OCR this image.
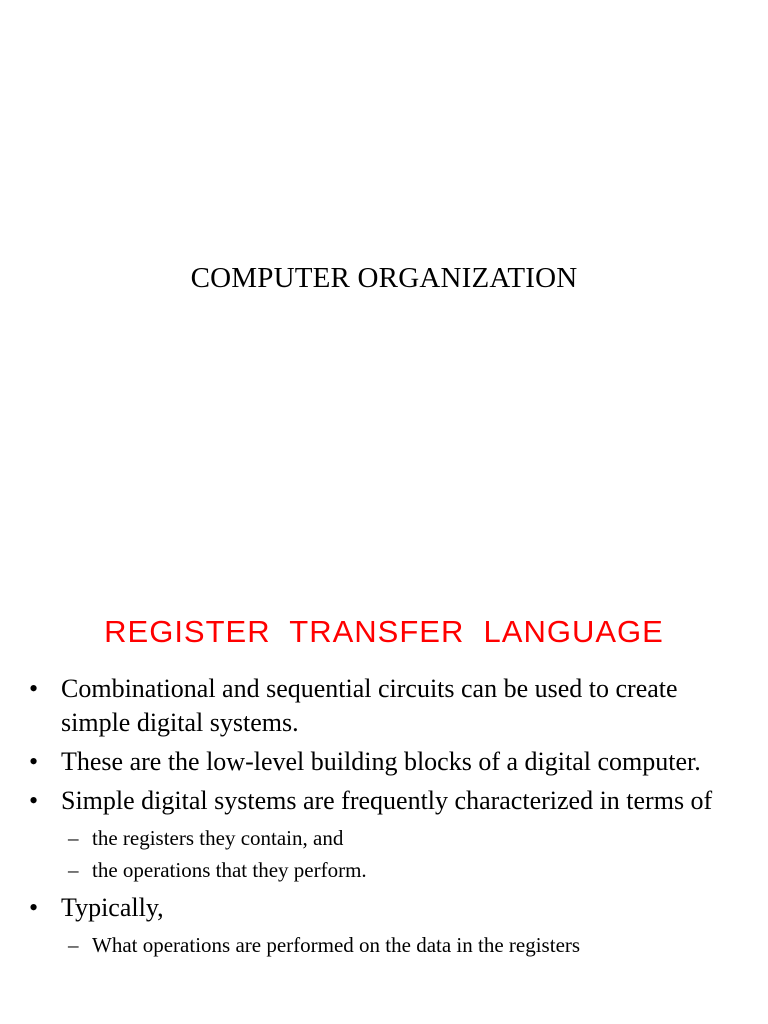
COMPUTER ORGANIZATION
REGISTER  TRANSFER  LANGUAGE
• Combinational and sequential circuits can be used to create simple digital systems.
• These are the low-level building blocks of a digital computer.
• Simple digital systems are frequently characterized in terms of
– the registers they contain, and
– the operations that they perform.
• Typically,
– What operations are performed on the data in the registers
